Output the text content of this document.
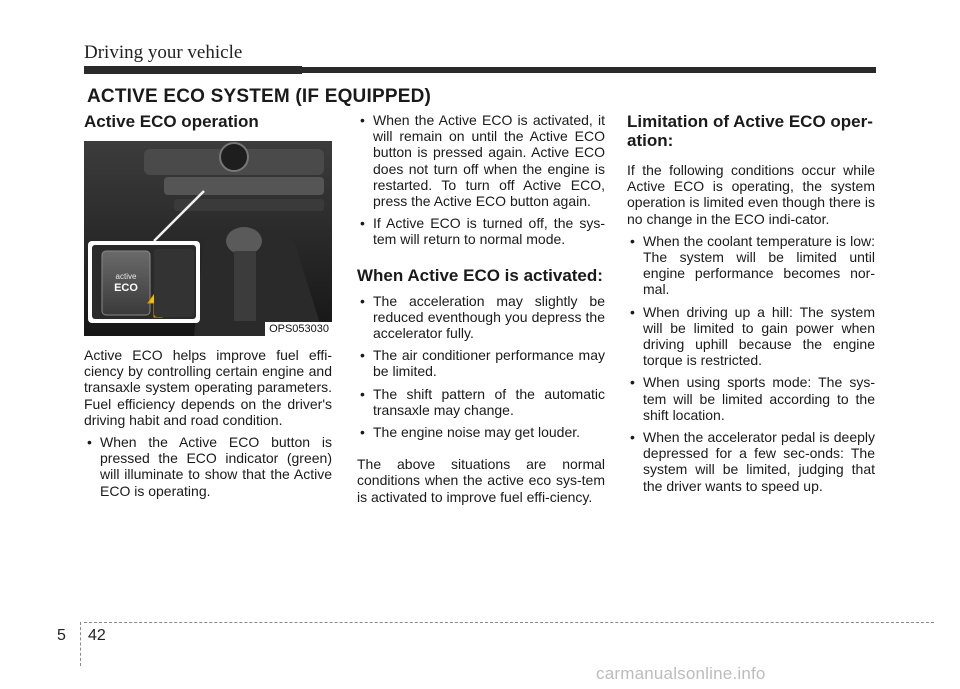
Driving your vehicle
ACTIVE ECO SYSTEM (IF EQUIPPED)
Active ECO operation
active
ECO
OPS053030

Active ECO helps improve fuel effi-ciency by controlling certain engine and transaxle system operating parameters. Fuel efficiency depends on the driver's driving habit and road condition.

• When the Active ECO button is pressed the ECO indicator (green) will illuminate to show that the Active ECO is operating.
• When the Active ECO is activated, it will remain on until the Active ECO button is pressed again. Active ECO does not turn off when the engine is restarted. To turn off Active ECO, press the Active ECO button again.
• If Active ECO is turned off, the sys-tem will return to normal mode.
When Active ECO is activated:
• The acceleration may slightly be reduced eventhough you depress the accelerator fully.
• The air conditioner performance may be limited.
• The shift pattern of the automatic transaxle may change.
• The engine noise may get louder.

The above situations are normal conditions when the active eco sys-tem is activated to improve fuel effi-ciency.

Limitation of Active ECO oper-ation:

If the following conditions occur while Active ECO is operating, the system operation is limited even though there is no change in the ECO indi-cator.

• When the coolant temperature is low: The system will be limited until engine performance becomes nor-mal.
• When driving up a hill: The system will be limited to gain power when driving uphill because the engine torque is restricted.
• When using sports mode: The sys-tem will be limited according to the shift location.
• When the accelerator pedal is deeply depressed for a few sec-onds: The system will be limited, judging that the driver wants to speed up.
5 42
carmanualsonline.info
